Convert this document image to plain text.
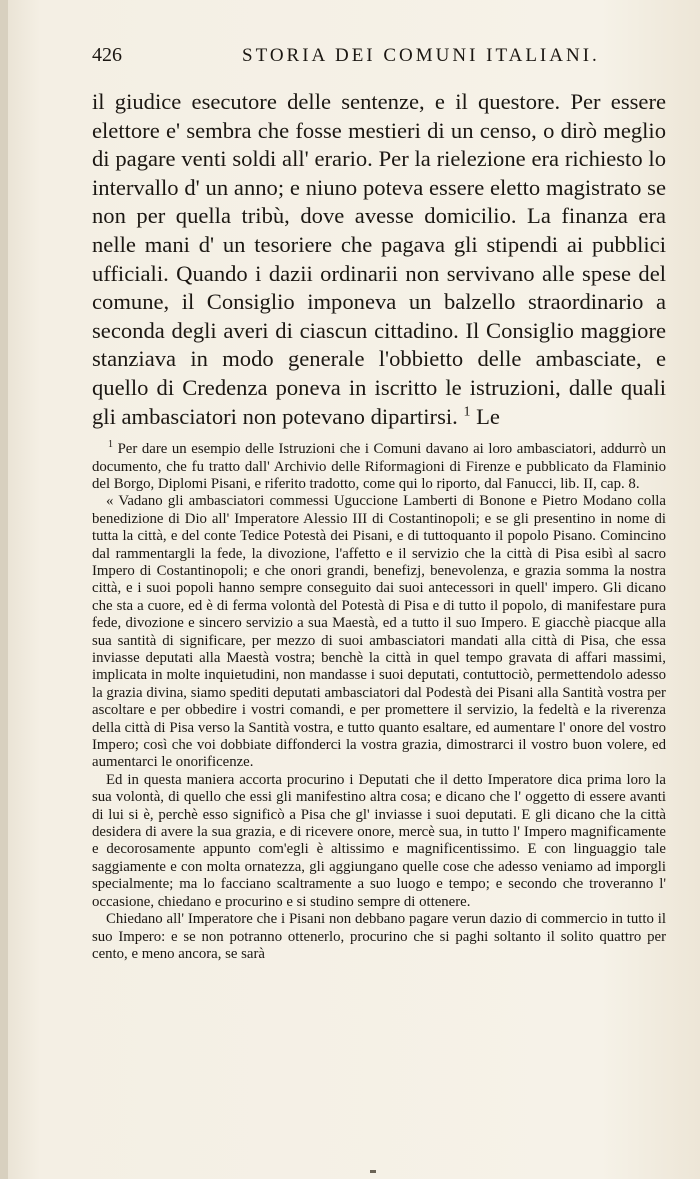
426	STORIA DEI COMUNI ITALIANI.

il giudice esecutore delle sentenze, e il questore. Per essere elettore e' sembra che fosse mestieri di un censo, o dirò meglio di pagare venti soldi all' erario. Per la rielezione era richiesto lo intervallo d' un anno; e niuno poteva essere eletto magistrato se non per quella tribù, dove avesse domicilio. La finanza era nelle mani d' un tesoriere che pagava gli stipendi ai pubblici ufficiali. Quando i dazii ordinarii non servivano alle spese del comune, il Consiglio imponeva un balzello straordinario a seconda degli averi di ciascun cittadino. Il Consiglio maggiore stanziava in modo generale l'obbietto delle ambasciate, e quello di Credenza poneva in iscritto le istruzioni, dalle quali gli ambasciatori non potevano dipartirsi. $^1$ Le

$^1$ Per dare un esempio delle Istruzioni che i Comuni davano ai loro ambasciatori, addurrò un documento, che fu tratto dall' Archivio delle Riformagioni di Firenze e pubblicato da Flaminio del Borgo, Diplomi Pisani, e riferito tradotto, come qui lo riporto, dal Fanucci, lib. II, cap. 8.

« Vadano gli ambasciatori commessi Uguccione Lamberti di Bonone e Pietro Modano colla benedizione di Dio all' Imperatore Alessio III di Costantinopoli; e se gli presentino in nome di tutta la città, e del conte Tedice Potestà dei Pisani, e di tuttoquanto il popolo Pisano. Comincino dal rammentargli la fede, la divozione, l'affetto e il servizio che la città di Pisa esibì al sacro Impero di Costantinopoli; e che onori grandi, benefizj, benevolenza, e grazia somma la nostra città, e i suoi popoli hanno sempre conseguito dai suoi antecessori in quell' impero. Gli dicano che sta a cuore, ed è di ferma volontà del Potestà di Pisa e di tutto il popolo, di manifestare pura fede, divozione e sincero servizio a sua Maestà, ed a tutto il suo Impero. E giacchè piacque alla sua santità di significare, per mezzo di suoi ambasciatori mandati alla città di Pisa, che essa inviasse deputati alla Maestà vostra; benchè la città in quel tempo gravata di affari massimi, implicata in molte inquietudini, non mandasse i suoi deputati, contuttociò, permettendolo adesso la grazia divina, siamo spediti deputati ambasciatori dal Podestà dei Pisani alla Santità vostra per ascoltare e per obbedire i vostri comandi, e per promettere il servizio, la fedeltà e la riverenza della città di Pisa verso la Santità vostra, e tutto quanto esaltare, ed aumentare l' onore del vostro Impero; così che voi dobbiate diffonderci la vostra grazia, dimostrarci il vostro buon volere, ed aumentarci le onorificenze.

Ed in questa maniera accorta procurino i Deputati che il detto Imperatore dica prima loro la sua volontà, di quello che essi gli manifestino altra cosa; e dicano che l' oggetto di essere avanti di lui si è, perchè esso significò a Pisa che gl' inviasse i suoi deputati. E gli dicano che la città desidera di avere la sua grazia, e di ricevere onore, mercè sua, in tutto l' Impero magnificamente e decorosamente appunto com'egli è altissimo e magnificentissimo. E con linguaggio tale saggiamente e con molta ornatezza, gli aggiungano quelle cose che adesso veniamo ad imporgli specialmente; ma lo facciano scaltramente a suo luogo e tempo; e secondo che troveranno l' occasione, chiedano e procurino e si studino sempre di ottenere.

Chiedano all' Imperatore che i Pisani non debbano pagare verun dazio di commercio in tutto il suo Impero: e se non potranno ottenerlo, procurino che si paghi soltanto il solito quattro per cento, e meno ancora, se sarà
